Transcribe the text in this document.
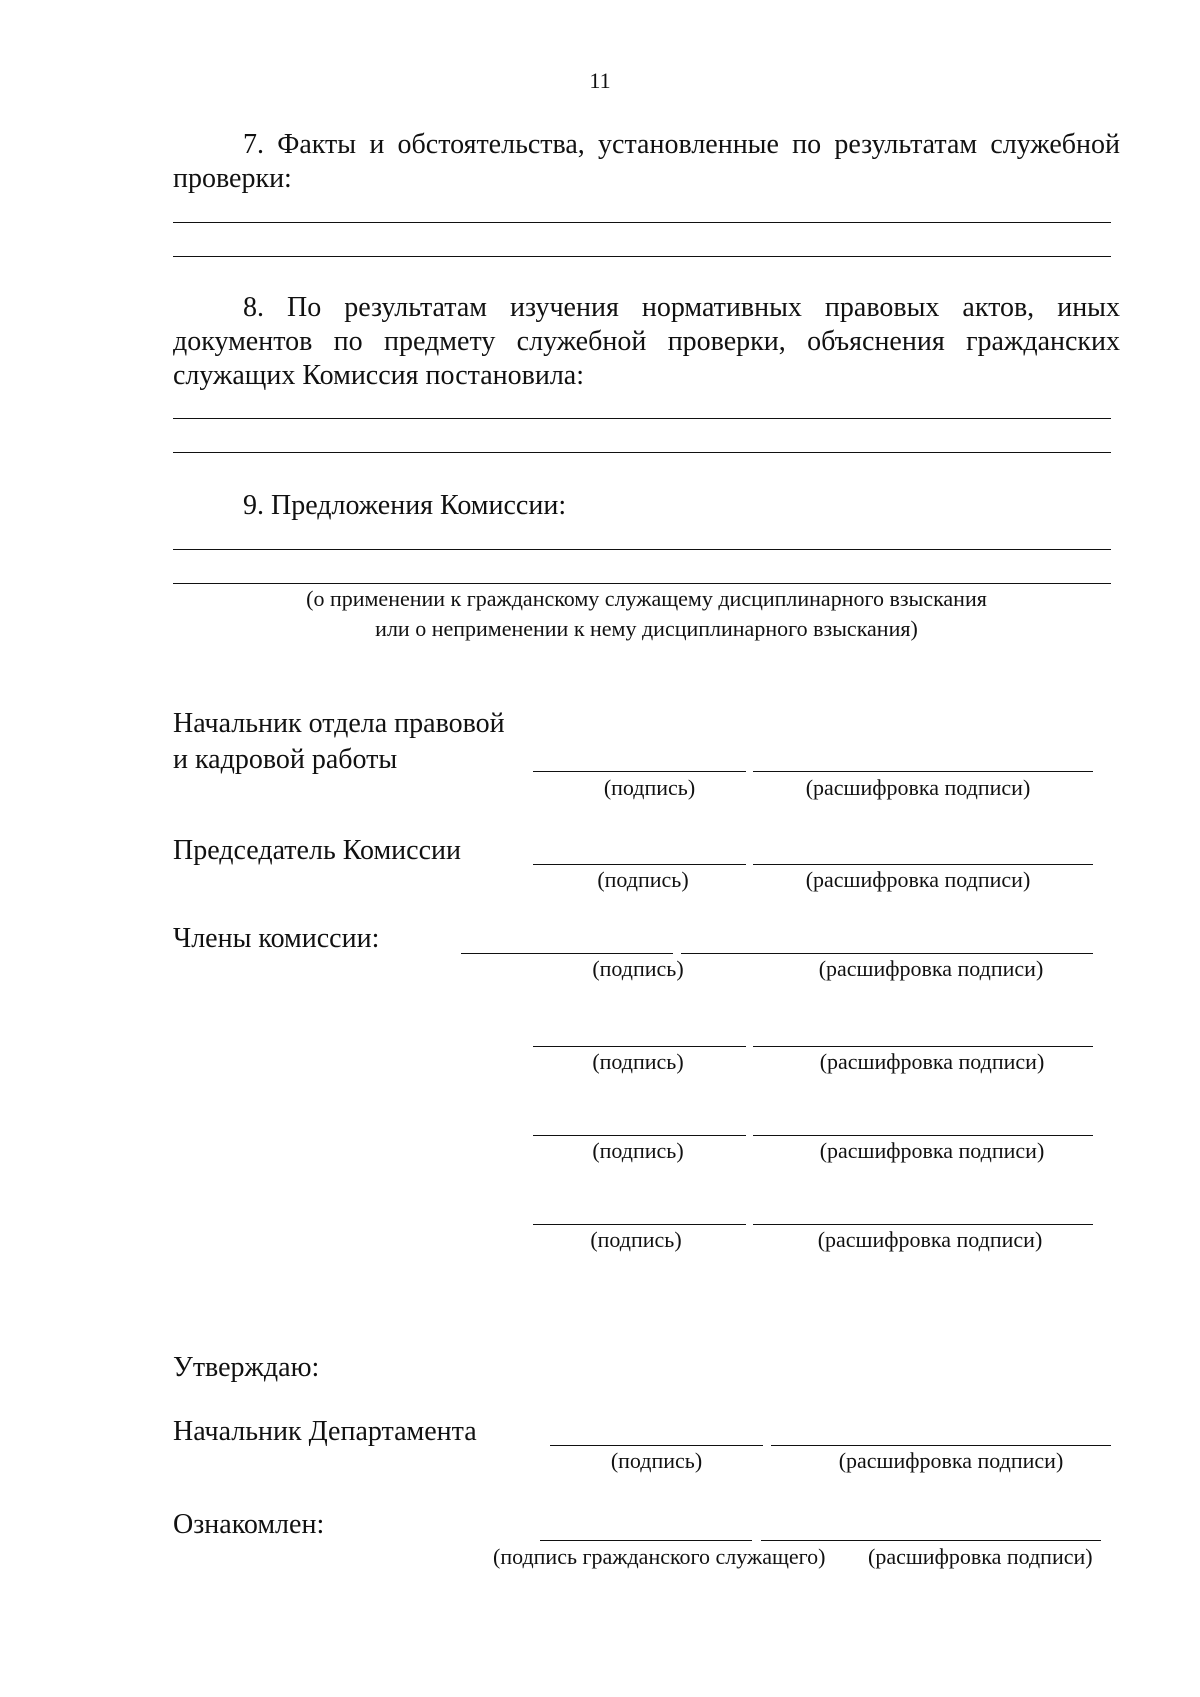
11
7. Факты и обстоятельства, установленные по результатам служебной проверки:
8. По результатам изучения нормативных правовых актов, иных документов по предмету служебной проверки, объяснения гражданских служащих Комиссия постановила:
9. Предложения Комиссии:
(о применении к гражданскому служащему дисциплинарного взыскания
или о неприменении к нему дисциплинарного взыскания)
Начальник отдела правовой
и кадровой работы
(подпись)	(расшифровка подписи)
Председатель Комиссии
(подпись)	(расшифровка подписи)
Члены комиссии:
(подпись)	(расшифровка подписи)
(подпись)	(расшифровка подписи)
(подпись)	(расшифровка подписи)
(подпись)	(расшифровка подписи)
Утверждаю:
Начальник Департамента
(подпись)	(расшифровка подписи)
Ознакомлен:
(подпись гражданского служащего)	(расшифровка подписи)
